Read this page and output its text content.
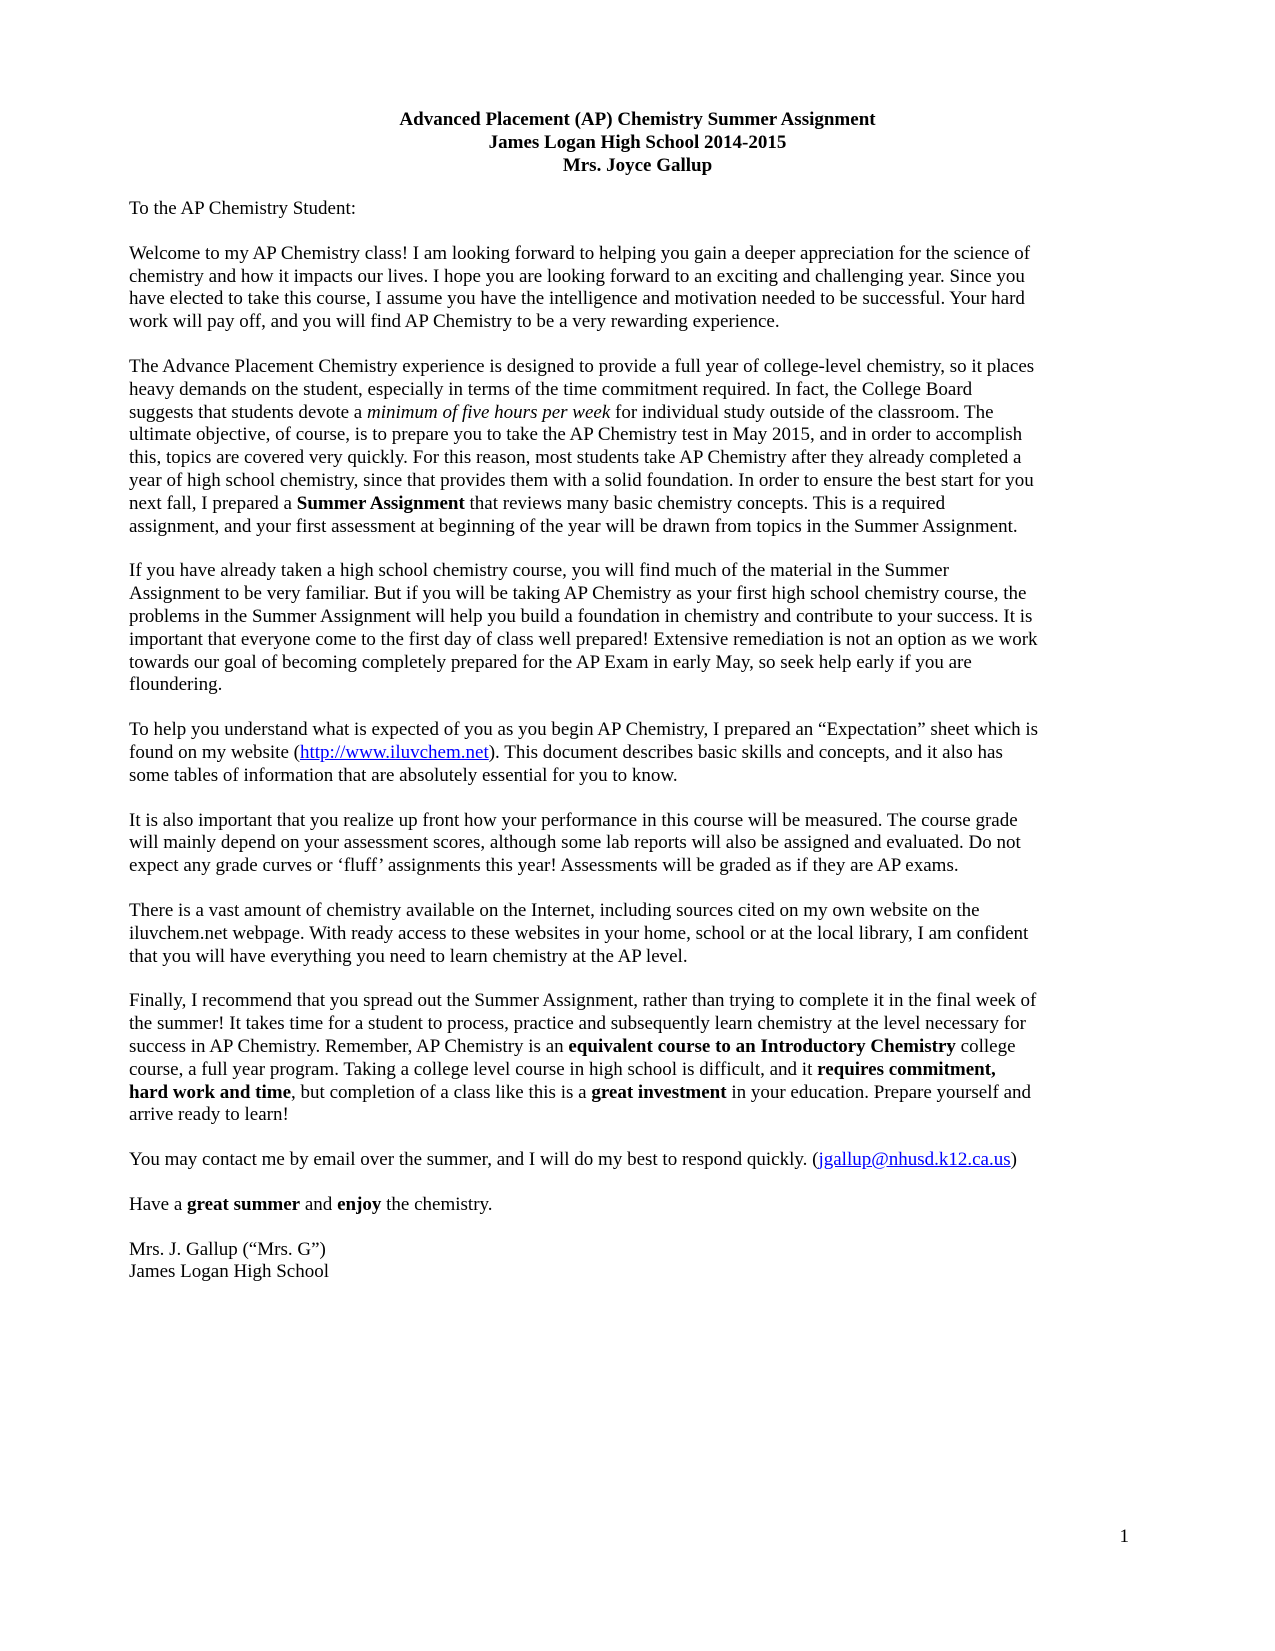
Advanced Placement (AP) Chemistry Summer Assignment
James Logan High School 2014-2015
Mrs. Joyce Gallup

To the AP Chemistry Student:

Welcome to my AP Chemistry class! I am looking forward to helping you gain a deeper appreciation for the science of
chemistry and how it impacts our lives. I hope you are looking forward to an exciting and challenging year. Since you
have elected to take this course, I assume you have the intelligence and motivation needed to be successful. Your hard
work will pay off, and you will find AP Chemistry to be a very rewarding experience.

The Advance Placement Chemistry experience is designed to provide a full year of college-level chemistry, so it places
heavy demands on the student, especially in terms of the time commitment required. In fact, the College Board
suggests that students devote a minimum of five hours per week for individual study outside of the classroom. The
ultimate objective, of course, is to prepare you to take the AP Chemistry test in May 2015, and in order to accomplish
this, topics are covered very quickly. For this reason, most students take AP Chemistry after they already completed a
year of high school chemistry, since that provides them with a solid foundation. In order to ensure the best start for you
next fall, I prepared a Summer Assignment that reviews many basic chemistry concepts. This is a required
assignment, and your first assessment at beginning of the year will be drawn from topics in the Summer Assignment.

If you have already taken a high school chemistry course, you will find much of the material in the Summer
Assignment to be very familiar. But if you will be taking AP Chemistry as your first high school chemistry course, the
problems in the Summer Assignment will help you build a foundation in chemistry and contribute to your success. It is
important that everyone come to the first day of class well prepared! Extensive remediation is not an option as we work
towards our goal of becoming completely prepared for the AP Exam in early May, so seek help early if you are
floundering.

To help you understand what is expected of you as you begin AP Chemistry, I prepared an “Expectation” sheet which is
found on my website (http://www.iluvchem.net). This document describes basic skills and concepts, and it also has
some tables of information that are absolutely essential for you to know.

It is also important that you realize up front how your performance in this course will be measured. The course grade
will mainly depend on your assessment scores, although some lab reports will also be assigned and evaluated. Do not
expect any grade curves or ‘fluff’ assignments this year! Assessments will be graded as if they are AP exams.

There is a vast amount of chemistry available on the Internet, including sources cited on my own website on the
iluvchem.net webpage. With ready access to these websites in your home, school or at the local library, I am confident
that you will have everything you need to learn chemistry at the AP level.

Finally, I recommend that you spread out the Summer Assignment, rather than trying to complete it in the final week of
the summer! It takes time for a student to process, practice and subsequently learn chemistry at the level necessary for
success in AP Chemistry. Remember, AP Chemistry is an equivalent course to an Introductory Chemistry college
course, a full year program. Taking a college level course in high school is difficult, and it requires commitment,
hard work and time, but completion of a class like this is a great investment in your education. Prepare yourself and
arrive ready to learn!

You may contact me by email over the summer, and I will do my best to respond quickly. (jgallup@nhusd.k12.ca.us)

Have a great summer and enjoy the chemistry.

Mrs. J. Gallup (“Mrs. G”)
James Logan High School

1
